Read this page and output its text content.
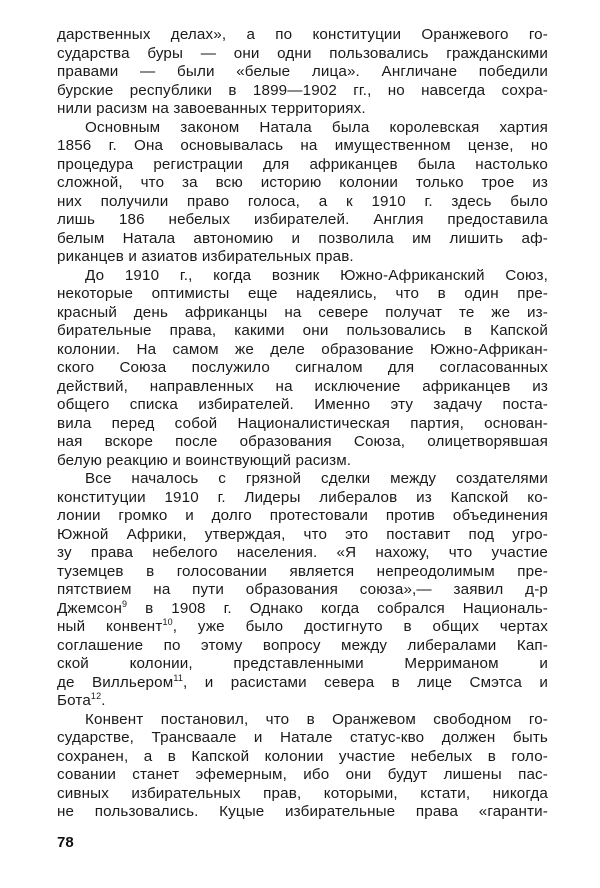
дарственных делах», а по конституции Оранжевого го-
сударства буры — они одни пользовались гражданскими
правами — были «белые лица». Англичане победили
бурские республики в 1899—1902 гг., но навсегда сохра-
нили расизм на завоеванных территориях.
Основным законом Натала была королевская хартия
1856 г. Она основывалась на имущественном цензе, но
процедура регистрации для африканцев была настолько
сложной, что за всю историю колонии только трое из
них получили право голоса, а к 1910 г. здесь было
лишь 186 небелых избирателей. Англия предоставила
белым Натала автономию и позволила им лишить аф-
риканцев и азиатов избирательных прав.
До 1910 г., когда возник Южно-Африканский Союз,
некоторые оптимисты еще надеялись, что в один пре-
красный день африканцы на севере получат те же из-
бирательные права, какими они пользовались в Капской
колонии. На самом же деле образование Южно-Африкан-
ского Союза послужило сигналом для согласованных
действий, направленных на исключение африканцев из
общего списка избирателей. Именно эту задачу поста-
вила перед собой Националистическая партия, основан-
ная вскоре после образования Союза, олицетворявшая
белую реакцию и воинствующий расизм.
Все началось с грязной сделки между создателями
конституции 1910 г. Лидеры либералов из Капской ко-
лонии громко и долго протестовали против объединения
Южной Африки, утверждая, что это поставит под угро-
зу права небелого населения. «Я нахожу, что участие
туземцев в голосовании является непреодолимым пре-
пятствием на пути образования союза»,— заявил д-р
Джемсон$^9$ в 1908 г. Однако когда собрался Националь-
ный конвент$^{10}$, уже было достигнуто в общих чертах
соглашение по этому вопросу между либералами Кап-
ской колонии, представленными Мерриманом и
де Вилльером$^{11}$, и расистами севера в лице Смэтса и
Бота$^{12}$.
Конвент постановил, что в Оранжевом свободном го-
сударстве, Трансваале и Натале статус-кво должен быть
сохранен, а в Капской колонии участие небелых в голо-
совании станет эфемерным, ибо они будут лишены пас-
сивных избирательных прав, которыми, кстати, никогда
не пользовались. Куцые избирательные права «гаранти-
78
